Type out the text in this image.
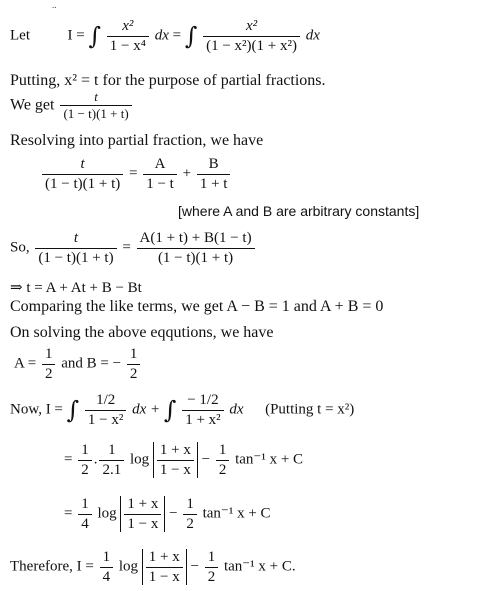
..
Let	I = ∫ $\frac{\text{x²}}{\text{1 − x⁴}}$ dx = ∫ $\frac{\text{x²}}{\text{(1 − x²)(1 + x²)}}$ dx
Putting, x² = t for the purpose of partial fractions.
We get $\frac{t}{(1 - t)(1 + t)}$
Resolving into partial fraction, we have
$\frac{t}{(1 - t)(1 + t)} = \frac{A}{1 - t} + \frac{B}{1 + t}$
[where A and B are arbitrary constants]
So, $\frac{t}{(1 - t)(1 + t)} = \frac{A(1 + t) + B(1 - t)}{(1 - t)(1 + t)}$
⇒ t = A + At + B − Bt
Comparing the like terms, we get A − B = 1 and A + B = 0
On solving the above eqqutions, we have
$A = \frac{1}{2}$ and B = − $\frac{1}{2}$
Now, I = ∫ $\frac{1/2}{\text{1 − x²}}$ dx + ∫ $\frac{- 1/2}{\text{1 + x²}}$ dx (Putting t = x²)
= $\frac{1}{2}$ . $\frac{1}{2.1}$ $\log \frac{1 + x}{1 - x} - \frac{1}{2} \tan^{-1}$ x + C
= $\frac{1}{4}$ $\log \frac{1 + x}{1 - x} - \frac{1}{2} \tan^{-1}$ x + C
Therefore, $I = \frac{1}{4}$ $\log \frac{1 + x}{1 - x} - \frac{1}{2} \tan^{-1}$ x + C.
